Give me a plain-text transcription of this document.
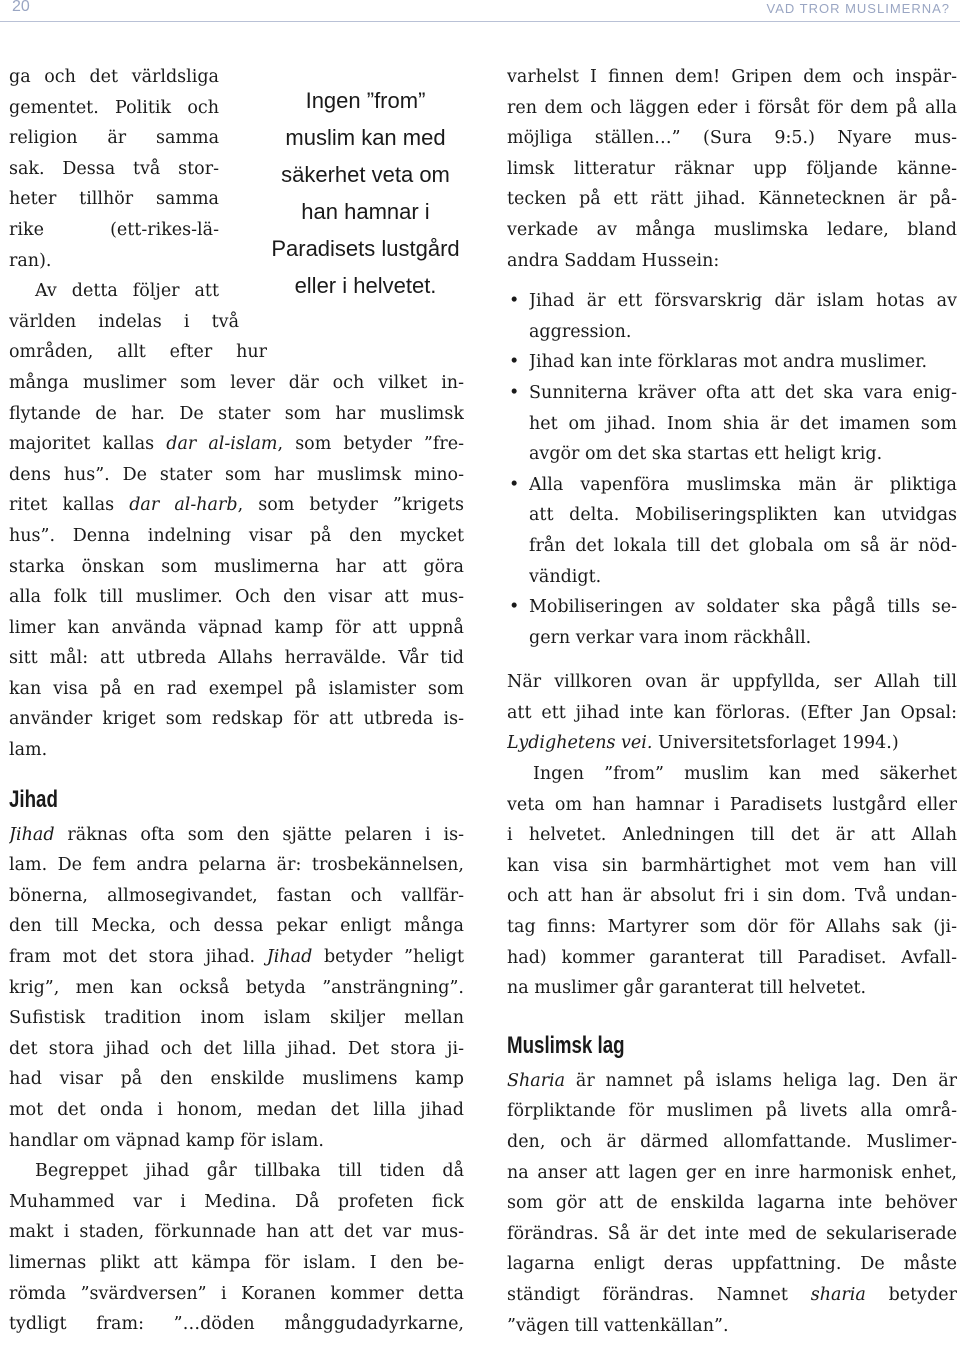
20	VAD TROR MUSLIMERNA?
Ingen ”from”
muslim kan med
säkerhet veta om
han hamnar i
Paradisets lustgård
eller i helvetet.
ga och det världsliga
gementet. Politik och
religion är samma
sak. Dessa två stor-
heter tillhör samma
rike (ett-rikes-lä-
ran).
Av detta följer att
världen indelas i två
områden, allt efter hur
många muslimer som lever där och vilket in-
flytande de har. De stater som har muslimsk
majoritet kallas dar al-islam, som betyder ”fre-
dens hus”. De stater som har muslimsk mino-
ritet kallas dar al-harb, som betyder ”krigets
hus”. Denna indelning visar på den mycket
starka önskan som muslimerna har att göra
alla folk till muslimer. Och den visar att mus-
limer kan använda väpnad kamp för att uppnå
sitt mål: att utbreda Allahs herravälde. Vår tid
kan visa på en rad exempel på islamister som
använder kriget som redskap för att utbreda is-
lam.
Jihad
Jihad räknas ofta som den sjätte pelaren i is-
lam. De fem andra pelarna är: trosbekännelsen,
bönerna, allmosegivandet, fastan och vallfär-
den till Mecka, och dessa pekar enligt många
fram mot det stora jihad. Jihad betyder ”heligt
krig”, men kan också betyda ”ansträngning”.
Sufistisk tradition inom islam skiljer mellan
det stora jihad och det lilla jihad. Det stora ji-
had visar på den enskilde muslimens kamp
mot det onda i honom, medan det lilla jihad
handlar om väpnad kamp för islam.
Begreppet jihad går tillbaka till tiden då
Muhammed var i Medina. Då profeten fick
makt i staden, förkunnade han att det var mus-
limernas plikt att kämpa för islam. I den be-
römda ”svärdversen” i Koranen kommer detta
tydligt fram: ”…döden månggudadyrkarne,
varhelst I finnen dem! Gripen dem och inspär-
ren dem och läggen eder i försåt för dem på alla
möjliga ställen…” (Sura 9:5.) Nyare mus-
limsk litteratur räknar upp följande känne-
tecken på ett rätt jihad. Kännetecknen är på-
verkade av många muslimska ledare, bland
andra Saddam Hussein:
• Jihad är ett försvarskrig där islam hotas av
aggression.
• Jihad kan inte förklaras mot andra muslimer.
• Sunniterna kräver ofta att det ska vara enig-
het om jihad. Inom shia är det imamen som
avgör om det ska startas ett heligt krig.
• Alla vapenföra muslimska män är pliktiga
att delta. Mobiliseringsplikten kan utvidgas
från det lokala till det globala om så är nöd-
vändigt.
• Mobiliseringen av soldater ska pågå tills se-
gern verkar vara inom räckhåll.
När villkoren ovan är uppfyllda, ser Allah till
att ett jihad inte kan förloras. (Efter Jan Opsal:
Lydighetens vei. Universitetsforlaget 1994.)
Ingen ”from” muslim kan med säkerhet
veta om han hamnar i Paradisets lustgård eller
i helvetet. Anledningen till det är att Allah
kan visa sin barmhärtighet mot vem han vill
och att han är absolut fri i sin dom. Två undan-
tag finns: Martyrer som dör för Allahs sak (ji-
had) kommer garanterat till Paradiset. Avfall-
na muslimer går garanterat till helvetet.
Muslimsk lag
Sharia är namnet på islams heliga lag. Den är
förpliktande för muslimen på livets alla områ-
den, och är därmed allomfattande. Muslimer-
na anser att lagen ger en inre harmonisk enhet,
som gör att de enskilda lagarna inte behöver
förändras. Så är det inte med de sekulariserade
lagarna enligt deras uppfattning. De måste
ständigt förändras. Namnet sharia betyder
”vägen till vattenkällan”.
